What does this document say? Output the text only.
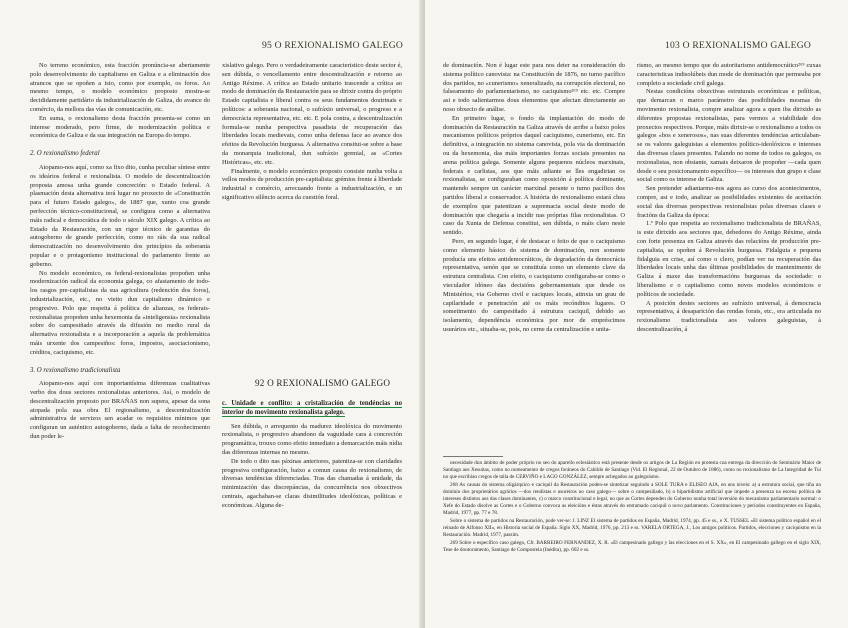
95 O REXIONALISMO GALEGO

No terreno económico, esta fracción pronúncia-se abertamente polo desenvolvimento do capitalismo en Galiza e a eliminación dos atrancos que se opoñen a isto, como por exemplo, os foros. Ao mesmo tempo, o modelo económico proposto mostra-se decididamente partidário da industrialización de Galiza, do avance do comércio, da mellora das vías de comunicación, etc.

En suma, o rexionalismo desta fracción presenta-se como un interese moderado, pero firme, de modernización política e económica de Galiza e da sua integración na Europa do tempo.

2. O rexionalismo federal

Atopamo-nos aquí, como xa fixo dito, cunha peculiar síntese entre os ideários federal e rexionalista. O modelo de descentralización proposta amosa unha grande concreción: o Estado federal. A plasmación desta alternativa terá lugar no proxecto de «Constitución para el futuro Estado galego», de 1887 que, xunto coa grande perfección técnico-constitucional, se configura como a alternativa máis radical e democrática de todo o século XIX galego. A crítica ao Estado da Restauración, con un rigor técnico de garantias do autogoberno de grande perfección, como no ráis da sua radical democratización no desenvolvimento dos princípios da soberania popular e o protagonismo institucional do parlamento frente ao goberno.

No modelo económico, os federal-rexionalistas propoñen unha modernización radical da economia galega, co afastamento de todo-los rasgos pre-capitalistas da sua agricultura (redención dos foros), industrialización, etc., no vieito dun capitalismo dinámico e progresivo. Polo que respeita á política de alianzas, os federais-rexionalistas propoñen unha hexemonia da «inteligensia» rexionalista sobre do campesiñado através da difusión no medio rural da alternativa rexionalista e a incorporación a aquela da problemática máis urxente dos campesiños: foros, impostos, asociacionismo, créditos, caciquismo, etc.

3. O rexionalismo tradicionalista

Atopamo-nos aquí con importantísima diferenzas cualitativas verbo dos dous sectores rexionalistas anteriores. Así, o modelo de descentralización proposto por BRAÑAS non supera, apesar da sona atopada pola sua obra El regionalismo, a descentralización administrativa de servizos sen acadar os requisitos mínimos que configuran un auténtico autogoberno, dada a falta de recoñecimento dun poder le-

xislativo galego. Pero o verdadeiramente caracteristico deste sector é, sen dúbida, o vencellamento entre descentralización e retorno ao Antigo Réxime. A crítica ao Estado unitario trascende a crítica ao modo de dominación da Restauración para se dirixir contra do próprio Estado capitalista e liberal contra os seus fundamentos doutrinais e políticos: a soberania nacional, o sufráxio universal, o progreso e a democrácia representativa, etc. etc. E pola contra, a descentralización formula-se nunha perspectiva pasadista de recuperación das liberdades locais medievais, como unha defensa face ao avance dos efeitos da Revolución burguesa. A alternativa consitui-se sobre a base da monarquia tradicional, dun sufráxio gremial, as «Cortes Históricas», etc. etc.

Finalmente, o modelo económico proposto consiste nunha volta a vellos modos de producción pre-capitalista: grémios frente á liberdade industrial e comércio, arrecuando frente a industrialización, e un significativo silêncio acerca da cuestión foral.

92 O REXIONALISMO GALEGO
c. Unidade e conflito: a cristalización de tendéncias no interior do movimento rexionalista galego.

Sen dúbida, o arrequento da madurez ideolóxica do movimento rexionalista, o progresivo abandono da vaguidade cara à concreción programática, trouxo como efeito inmediato a demarcación máis nídia das diferenzas internas no mesmo.

De todo o dito nas páxinas anteriores, patentiza-se con claridades progresiva configuración, baixo a comun causa do rexionalismo, de diversas tendéncias diferenciadas. Tras das chamadas á unidade, da minimización das discrepáncias, da concurrência nos obxectivos centrais, agachaban-se claras disimilitudes ideolóxicas, políticas e económicas. Alguna de-

103 O REXIONALISMO GALEGO

de dominación. Non é lugar este para nos deter na consideración do sistema político canovista: na Constitución de 1876, no turno pacífico dos partidos, no «cunerismo» xeneralizado, na corrupción electoral, no falseamento do parlamentarismo, no caciquismo²⁶⁹ etc. etc. Compre asi e todo salientarmos dous elementos que afectan directamente ao noso obxecto de análise.

En primeiro lugar, o fondo da implantación do modo de dominación da Restauración na Galiza através de arribe a baixo polos mecanismos políticos próprios daquel caciquismo, cunerismo, etc. En definitiva, a integración no sistema canovista, pola via da dominación ou da hexemonia, das máis importantes forzas sociais presentes na arena política galega. Somente alguns pequenos núcleos marxinais, federais e carlistas, aos que máis adiante se lles engadirian os rexionalistas, se configuraban como oposición á política dominante, mantendo sempre un carácter marxinal perante o turno pacífico dos partidos liberal e conservador. A história do rexionalismo estará chea de exemplos que patentizan a supremacia social deste modo de dominación que chegaría a incidir nas próprias filas rexionalistas. O caso da Xunta de Defensa constitui, sen dúbida, o máis claro neste sentido.

Pero, en segundo lugar, é de destacar o feito de que o caciquismo como elemento básico do sistema de dominación, non somente producía uns efeitos antidemocráticos, de degradación da democrácia representativa, senón que se constituía como un elemento clave da estrutura centralista. Con efeito, o caciquismo configuraba-se como o vieculador idóneo das decisións gobernamentais que desde os Ministérios, via Goberno civil e caciques locais, atinxia un grau de capilaridade e penetración até os máis recónditos lugares. O sometimento do campesiñado á estrutura caciquil, debido ao isolamento, dependéncia económica por mor de empréscimos usurários etc., situaba-se, pois, no cerne da centralización e unita-

rismo, ao mesmo tempo que do autoritarismo antidemocrático²⁶⁹ cuxas caracteristicas indisolúbeis dun mode de dominación que permeaba por completo a sociedade civil galega.

Nestas condicións obxectivas estruturais económicas e políticas, que demarcan o marco parámetro das posibilidades mesmas do movimento rexionalista, compre analizar agora a quen iba dirixido as diferentes propostas rexionalistas, para vermos a viabilidade dos proxectos respectivos. Porque, máis dirixir-se o rexionalismo a todos os galegos «bos e xenerosos», nas suas diferentes tendéncias articulaban-se os valores galeguistas a elementos político-ideolóxicos e intereses das diversas clases presentes. Falando no nome de todos os galegos, os rexionalistas, non obstante, xamais deixaron de propoñer —cada quen desde o seu posicionamento específico— os intereses dun grupo e clase social como os interese de Galiza.

Sen pretender adiantarmo-nos agora ao curso dos acontecimentos, compre, asi e todo, analizar as posibilidades existentes de aceitación social das diversas perspectivas rexionalistas polas diversas clases e fracións da Galiza da época:

1.º Polo que respeita ao rexionalismo tradicionalista de BRAÑAS, is este dirixido aos sectores que, debedores do Antigo Réxime, ainda con forte presenza en Galiza através das relacións de producción pre-capitalista, se opoñen á Revolución burguesa. Fidalguia e pequena fidalguia en crise, así como o clero, podían ver na recuperación das liberdades locais unha das últimas posibilidades de mantenimento de Galiza á maxe das transformacións burguesas da sociedade: o liberalismo e o capitalismo como novos modelos económicos e políticos de sociedade.

A posición destes sectores ao sufráxio universal, á democracia representativa, á desaparición das rendas forais, etc., era articulada no rexionalismo tradicionalista aos valores galeguistas, á descentralización, á

necesidade dun ámbito de poder próprio no seo do aparello eclesiástico está presente desde os artigos de La Región en protesta coa entrega da dirección do Seminário Maior de Santiago aos Xesuitas, como no nomeamento de cregos foráneos do Cabildo de Santiago (Vid. El Regional, 22 de Outubro de 1886), como no rexionalismo de La Integridad de Tui no que escribían cregos de talla de CERVIÑO e LAGO GONZÁLEZ, sempre achegados ao galeguismo.

268 As causas do sistema oligárquico e caciquil da Restauración poden-se sintetizar seguindo a SOLE TURA e ELISEO AJA, en uns niveis: a) a estrutura social, que tiña un domínio dos proprietários agrários —dos rendistas e usureiros no caso galego— sobre o campesiñado, b) o bipartidismo artificial que impede a presenza na escena política de intereses distintos aos das clases dominantes, c) o marco constitucional e legal, no que as Cortes dependen do Goberno nunha total inversión do mecanismo parlamentario normal: o Xefe do Estado disolve as Cortes e o Goberno convoca as eleicións e éstas através do entramado caciquil o novo parlamento. Constituciones y períodos constituyentes en España, Madrid, 1977, pp. 77 e 78.

Sobre o sistema de partidos na Restauración, pode ver-se: J. LINZ El sistema de partidos en España, Madrid, 1974, pp. 45 e ss., e X. TUSSEL «El sistema político español en el reinado de Alfonso XII», en Historia social de España. Siglo XX, Madrid, 1976, pp. 213 e ss. VARELA ORTEGA, J., Los amigos políticos. Partidos, elecciones y caciquismo en la Restauración. Madrid, 1977, passim.

269 Sobre o específico caso galego, Cfr. BARREIRO FERNANDEZ, X. R. «El campesinado gallego y las elecciones en el S. XX», en El campesinado gallego en el siglo XIX, Tese de doutoramento, Santiago de Compostela (Inédita), pp. 602 e ss.
